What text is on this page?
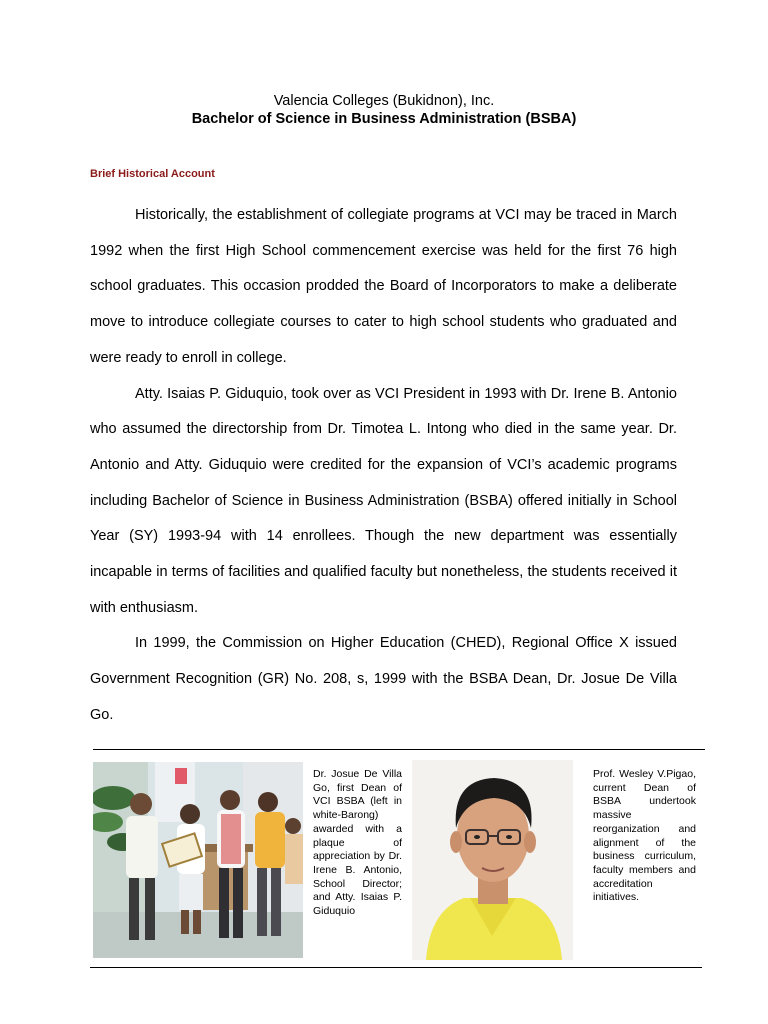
Valencia Colleges (Bukidnon), Inc.
Bachelor of Science in Business Administration (BSBA)
Brief Historical Account

Historically, the establishment of collegiate programs at VCI may be traced in March 1992 when the first High School commencement exercise was held for the first 76 high school graduates. This occasion prodded the Board of Incorporators to make a deliberate move to introduce collegiate courses to cater to high school students who graduated and were ready to enroll in college.

Atty. Isaias P. Giduquio, took over as VCI President in 1993 with Dr. Irene B. Antonio who assumed the directorship from Dr. Timotea L. Intong who died in the same year. Dr. Antonio and Atty. Giduquio were credited for the expansion of VCI’s academic programs including Bachelor of Science in Business Administration (BSBA) offered initially in School Year (SY) 1993-94 with 14 enrollees. Though the new department was essentially incapable in terms of facilities and qualified faculty but nonetheless, the students received it with enthusiasm.

In 1999, the Commission on Higher Education (CHED), Regional Office X issued Government Recognition (GR) No. 208, s, 1999 with the BSBA Dean, Dr. Josue De Villa Go.

Dr. Josue De Villa Go, first Dean of VCI BSBA (left in white-Barong) awarded with a plaque of appreciation by Dr. Irene B. Antonio, School Director; and Atty. Isaias P. Giduquio
Prof. Wesley V.Pigao, current Dean of BSBA undertook massive reorganization and alignment of the business curriculum, faculty members and accreditation initiatives.
